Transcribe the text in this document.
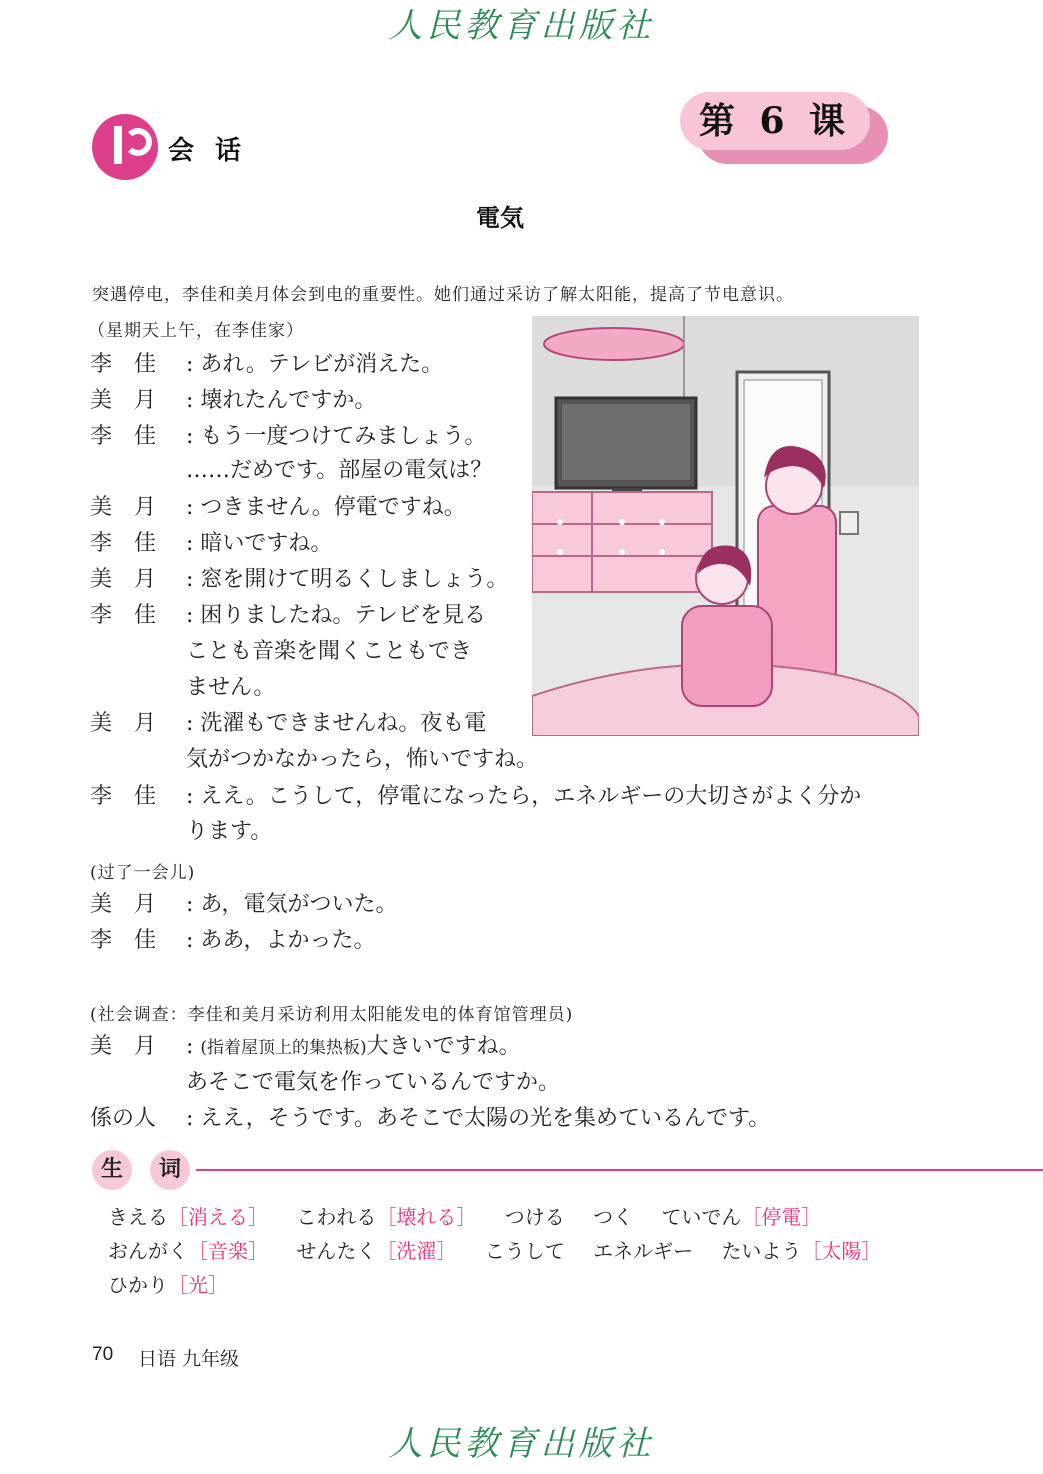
人民教育出版社
第 6 课
会 话
電気
突遇停电，李佳和美月体会到电的重要性。她们通过采访了解太阳能，提高了节电意识。
（星期天上午，在李佳家）
李　佳 : あれ。テレビが消えた。
美　月 : 壊れたんですか。
李　佳 : もう一度つけてみましょう。
……だめです。部屋の電気は？
美　月 : つきません。停電ですね。
李　佳 : 暗いですね。
美　月 : 窓を開けて明るくしましょう。
李　佳 : 困りましたね。テレビを見る
ことも音楽を聞くこともでき
ません。
美　月 : 洗濯もできませんね。夜も電
気がつかなかったら，怖いですね。
李　佳 : ええ。こうして，停電になったら，エネルギーの大切さがよく分か
ります。
(过了一会儿)
美　月 : あ，電気がついた。
李　佳 : ああ，よかった。
(社会调查：李佳和美月采访利用太阳能发电的体育馆管理员)
美　月 : (指着屋顶上的集热板)大きいですね。
あそこで電気を作っているんですか。
係の人 : ええ，そうです。あそこで太陽の光を集めているんです。
生	词
きえる［消える］ こわれる［壊れる］ つける つく ていでん［停電］
おんがく［音楽］ せんたく［洗濯］ こうして エネルギー たいよう［太陽］
ひかり［光］
70 日语 九年级
人民教育出版社
